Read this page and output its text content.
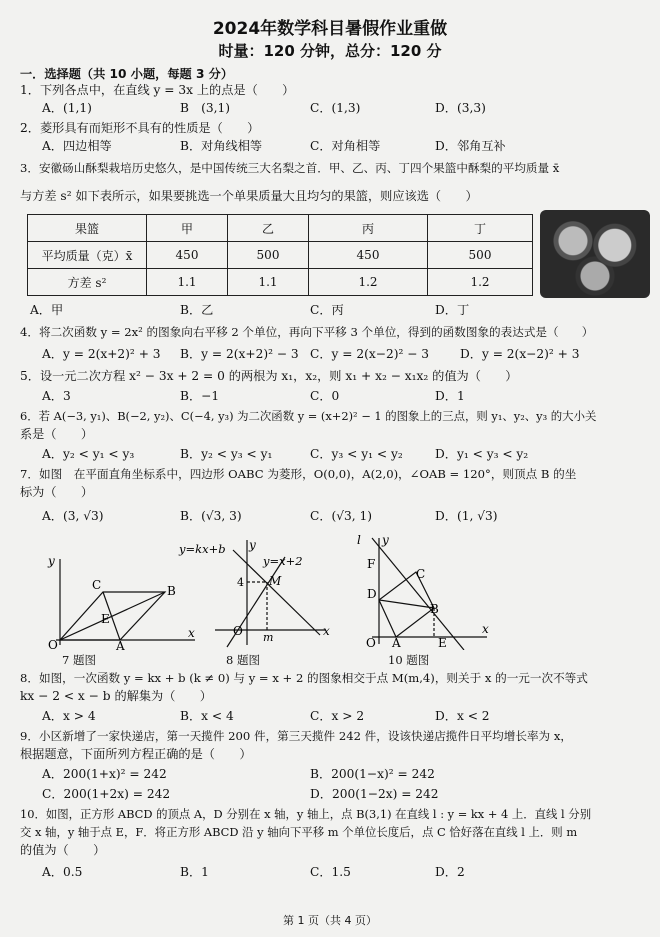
2024年数学科目暑假作业重做
时量：120 分钟，总分：120 分
一．选择题（共 10 小题，每题 3 分）
1．下列各点中，在直线 y = 3x 上的点是（　　）
A．(1,1)	B　(3,1)	C．(1,3)	D．(3,3)
2．菱形具有而矩形不具有的性质是（　　）
A．四边相等	B．对角线相等	C．对角相等	D．邻角互补
3．安徽砀山酥梨栽培历史悠久，是中国传统三大名梨之首．甲、乙、丙、丁四个果篮中酥梨的平均质量 x̄
与方差 s² 如下表所示，如果要挑选一个单果质量大且均匀的果篮，则应该选（　　）
果篮	甲	乙	丙	丁
平均质量（克）x̄	450	500	450	500
方差 s²	1.1	1.1	1.2	1.2
A．甲	B．乙	C．丙	D．丁
4．将二次函数 y = 2x² 的图象向右平移 2 个单位，再向下平移 3 个单位，得到的函数图象的表达式是（　　）
A．y = 2(x+2)² + 3 B．y = 2(x+2)² − 3 C．y = 2(x−2)² − 3	D．y = 2(x−2)² + 3
5．设一元二次方程 x² − 3x + 2 = 0 的两根为 x₁，x₂，则 x₁ + x₂ − x₁x₂ 的值为（　　）
A．3	B．−1	C．0	D．1
6．若 A(−3, y₁)、B(−2, y₂)、C(−4, y₃) 为二次函数 y = (x+2)² − 1 的图象上的三点，则 y₁、y₂、y₃ 的大小关
系是（　　）
A．y₂ < y₁ < y₃	B．y₂ < y₃ < y₁	C．y₃ < y₁ < y₂	D．y₁ < y₃ < y₂
7．如图　在平面直角坐标系中，四边形 OABC 为菱形，O(0,0)，A(2,0)，∠OAB = 120°，则顶点 B 的坐
标为（　　）
A．(3, √3)	B．(√3, 3)	C．(√3, 1)	D．(1, √3)
y
x
O	A
B
C
E
7 题图
y=kx+b
y=x+2
y
x
O
M
4
m
8 题图
l y
x
O A
B
C
D
E
F
10 题图
8．如图，一次函数 y = kx + b (k ≠ 0) 与 y = x + 2 的图象相交于点 M(m,4)，则关于 x 的一元一次不等式
kx − 2 < x − b 的解集为（　　）
A．x > 4	B．x < 4	C．x > 2	D．x < 2
9．小区新增了一家快递店，第一天揽件 200 件，第三天揽件 242 件，设该快递店揽件日平均增长率为 x，
根据题意，下面所列方程正确的是（　　）
A．200(1+x)² = 242	B．200(1−x)² = 242
C．200(1+2x) = 242	D．200(1−2x) = 242
10．如图，正方形 ABCD 的顶点 A，D 分别在 x 轴，y 轴上，点 B(3,1) 在直线 l : y = kx + 4 上．直线 l 分别
交 x 轴，y 轴于点 E，F．将正方形 ABCD 沿 y 轴向下平移 m 个单位长度后，点 C 恰好落在直线 l 上．则 m
的值为（　　）
A．0.5	B．1	C．1.5	D．2
第 1 页（共 4 页）
